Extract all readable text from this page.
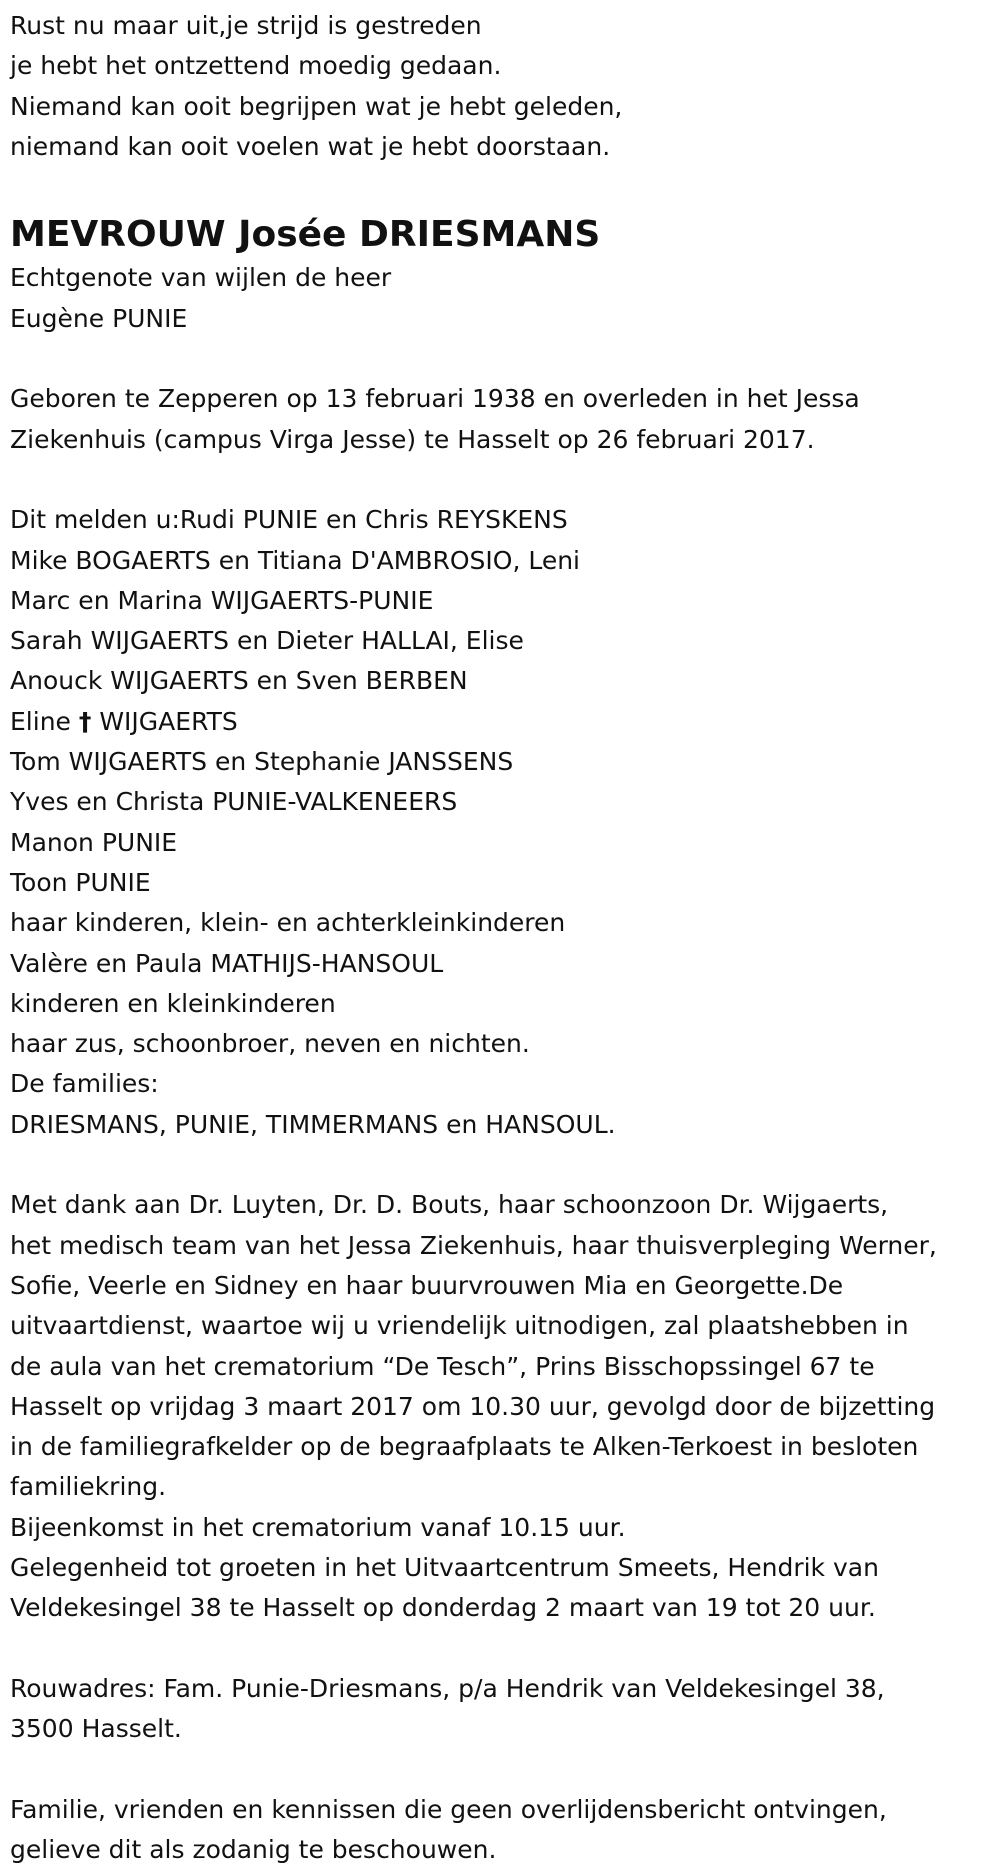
Rust nu maar uit,je strijd is gestreden
je hebt het ontzettend moedig gedaan.
Niemand kan ooit begrijpen wat je hebt geleden,
niemand kan ooit voelen wat je hebt doorstaan.
MEVROUW Josée DRIESMANS
Echtgenote van wijlen de heer
Eugène PUNIE
Geboren te Zepperen op 13 februari 1938 en overleden in het Jessa
Ziekenhuis (campus Virga Jesse) te Hasselt op 26 februari 2017.
Dit melden u:Rudi PUNIE en Chris REYSKENS
Mike BOGAERTS en Titiana D'AMBROSIO, Leni
Marc en Marina WIJGAERTS-PUNIE
Sarah WIJGAERTS en Dieter HALLAI, Elise
Anouck WIJGAERTS en Sven BERBEN
Eline † WIJGAERTS
Tom WIJGAERTS en Stephanie JANSSENS
Yves en Christa PUNIE-VALKENEERS
Manon PUNIE
Toon PUNIE
haar kinderen, klein- en achterkleinkinderen
Valère en Paula MATHIJS-HANSOUL
kinderen en kleinkinderen
haar zus, schoonbroer, neven en nichten.
De families:
DRIESMANS, PUNIE, TIMMERMANS en HANSOUL.
Met dank aan Dr. Luyten, Dr. D. Bouts, haar schoonzoon Dr. Wijgaerts,
het medisch team van het Jessa Ziekenhuis, haar thuisverpleging Werner,
Sofie, Veerle en Sidney en haar buurvrouwen Mia en Georgette.De
uitvaartdienst, waartoe wij u vriendelijk uitnodigen, zal plaatshebben in
de aula van het crematorium “De Tesch”, Prins Bisschopssingel 67 te
Hasselt op vrijdag 3 maart 2017 om 10.30 uur, gevolgd door de bijzetting
in de familiegrafkelder op de begraafplaats te Alken-Terkoest in besloten
familiekring.
Bijeenkomst in het crematorium vanaf 10.15 uur.
Gelegenheid tot groeten in het Uitvaartcentrum Smeets, Hendrik van
Veldekesingel 38 te Hasselt op donderdag 2 maart van 19 tot 20 uur.
Rouwadres: Fam. Punie-Driesmans, p/a Hendrik van Veldekesingel 38,
3500 Hasselt.
Familie, vrienden en kennissen die geen overlijdensbericht ontvingen,
gelieve dit als zodanig te beschouwen.
